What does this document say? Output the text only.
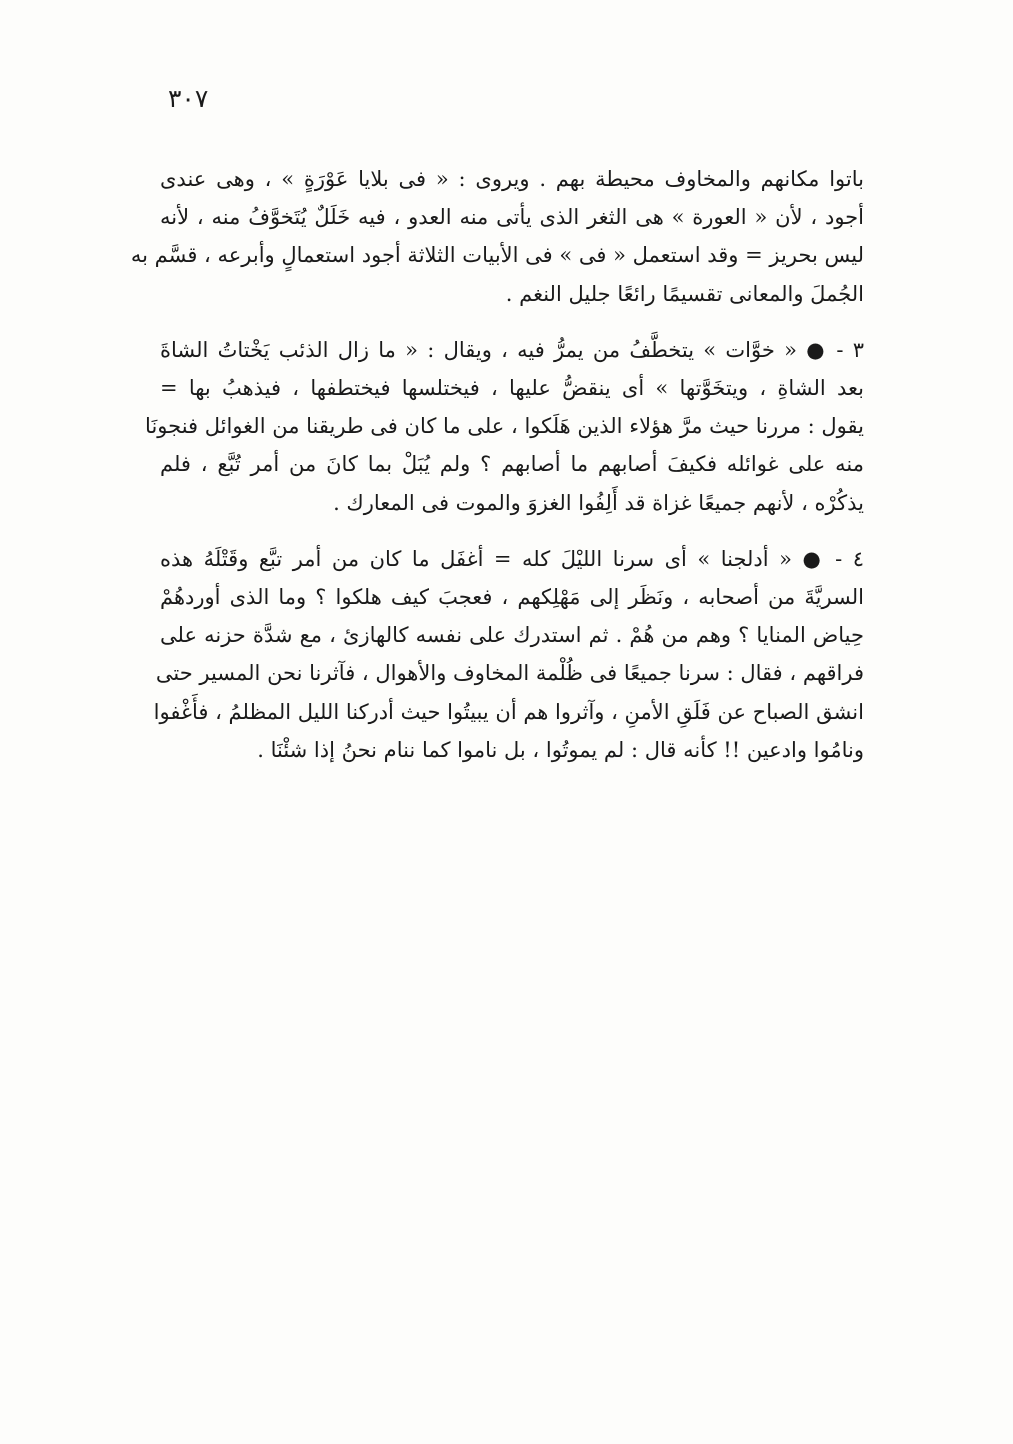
٣٠٧
باتوا مكانهم والمخاوف محيطة بهم . ويروى : « فى بلايا عَوْرَةٍ » ، وهى عندى
أجود ، لأن « العورة » هى الثغر الذى يأتى منه العدو ، فيه خَلَلٌ يُتَخوَّفُ منه ، لأنه
ليس بحريز = وقد استعمل « فى » فى الأبيات الثلاثة أجود استعمالٍ وأبرعه ، قسَّم به
الجُملَ والمعانى تقسيمًا رائعًا جليل النغم .
٣ - ● « خوَّات » يتخطَّفُ من يمرُّ فيه ، ويقال : « ما زال الذئب يَخْتاتُ الشاةَ
بعد الشاةِ ، ويتخَوَّتها » أى ينقضُّ عليها ، فيختلسها فيختطفها ، فيذهبُ بها =
يقول : مررنا حيث مرَّ هؤلاء الذين هَلَكوا ، على ما كان فى طريقنا من الغوائل فنجونَا
منه على غوائله فكيفَ أصابهم ما أصابهم ؟ ولم يُبَلْ بما كانَ من أمر تُبَّع ، فلم
يذكُرْه ، لأنهم جميعًا غزاة قد أَلِفُوا الغزوَ والموت فى المعارك .
٤ - ● « أدلجنا » أى سرنا الليْلَ كله = أغفَل ما كان من أمر تبَّع وقَتْلَهُ هذه
السريَّةَ من أصحابه ، ونَظَر إلى مَهْلِكهم ، فعجبَ كيف هلكوا ؟ وما الذى أوردهُمْ
حِياض المنايا ؟ وهم من هُمْ . ثم استدرك على نفسه كالهازئ ، مع شدَّة حزنه على
فراقهم ، فقال : سرنا جميعًا فى ظُلْمة المخاوف والأهوال ، فآثرنا نحن المسير حتى
انشق الصباح عن فَلَقِ الأمنِ ، وآثروا هم أن يبيتُوا حيث أدركنا الليل المظلمُ ، فأَغْفوا
ونامُوا وادعين !! كأنه قال : لم يموتُوا ، بل ناموا كما ننام نحنُ إذا شئْنَا .
